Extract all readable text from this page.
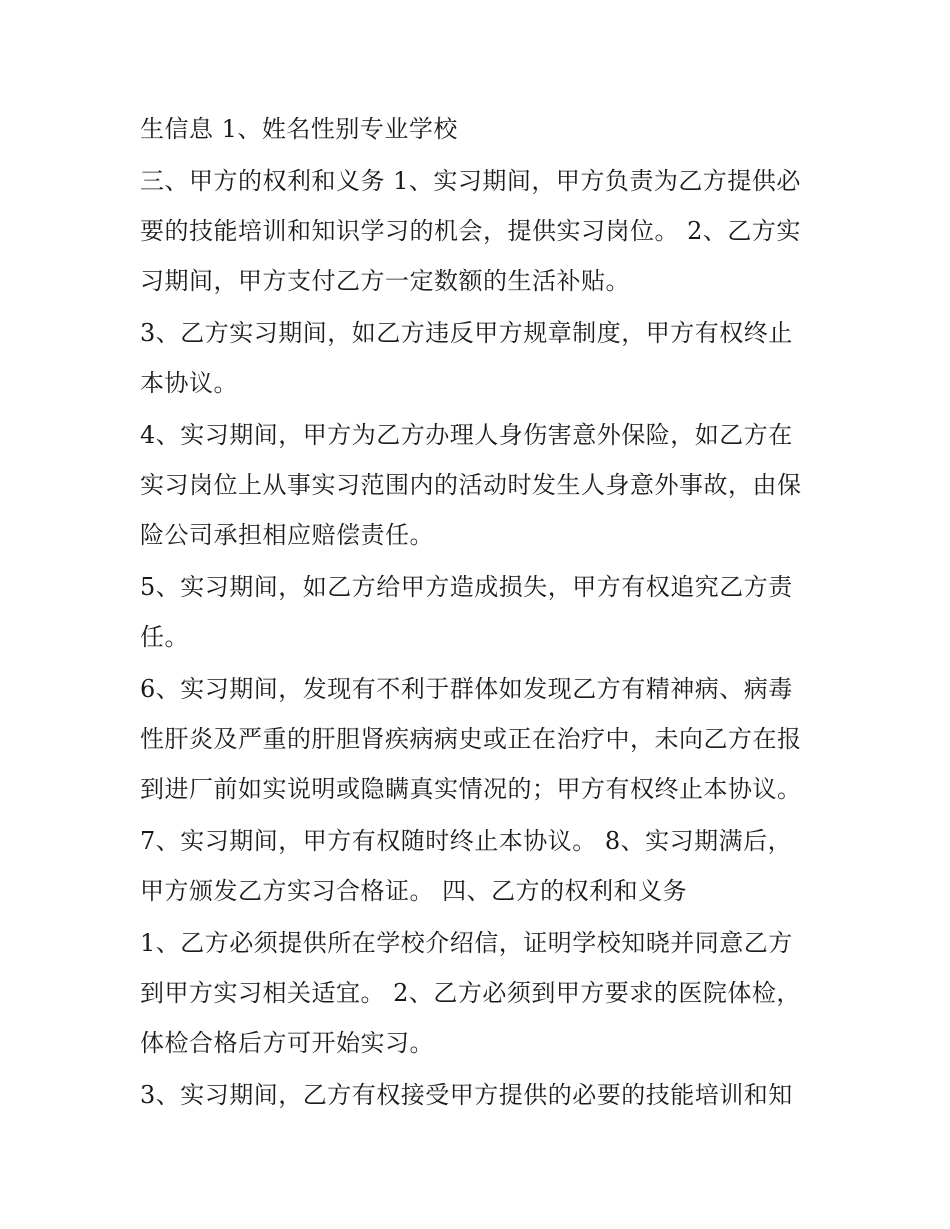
生信息 1、姓名性别专业学校
三、甲方的权利和义务 1、实习期间，甲方负责为乙方提供必
要的技能培训和知识学习的机会，提供实习岗位。 2、乙方实
习期间，甲方支付乙方一定数额的生活补贴。
3、乙方实习期间，如乙方违反甲方规章制度，甲方有权终止
本协议。
4、实习期间，甲方为乙方办理人身伤害意外保险，如乙方在
实习岗位上从事实习范围内的活动时发生人身意外事故，由保
险公司承担相应赔偿责任。
5、实习期间，如乙方给甲方造成损失，甲方有权追究乙方责
任。
6、实习期间，发现有不利于群体如发现乙方有精神病、病毒
性肝炎及严重的肝胆肾疾病病史或正在治疗中，未向乙方在报
到进厂前如实说明或隐瞒真实情况的；甲方有权终止本协议。
7、实习期间，甲方有权随时终止本协议。 8、实习期满后，
甲方颁发乙方实习合格证。 四、乙方的权利和义务
1、乙方必须提供所在学校介绍信，证明学校知晓并同意乙方
到甲方实习相关适宜。 2、乙方必须到甲方要求的医院体检，
体检合格后方可开始实习。
3、实习期间，乙方有权接受甲方提供的必要的技能培训和知
